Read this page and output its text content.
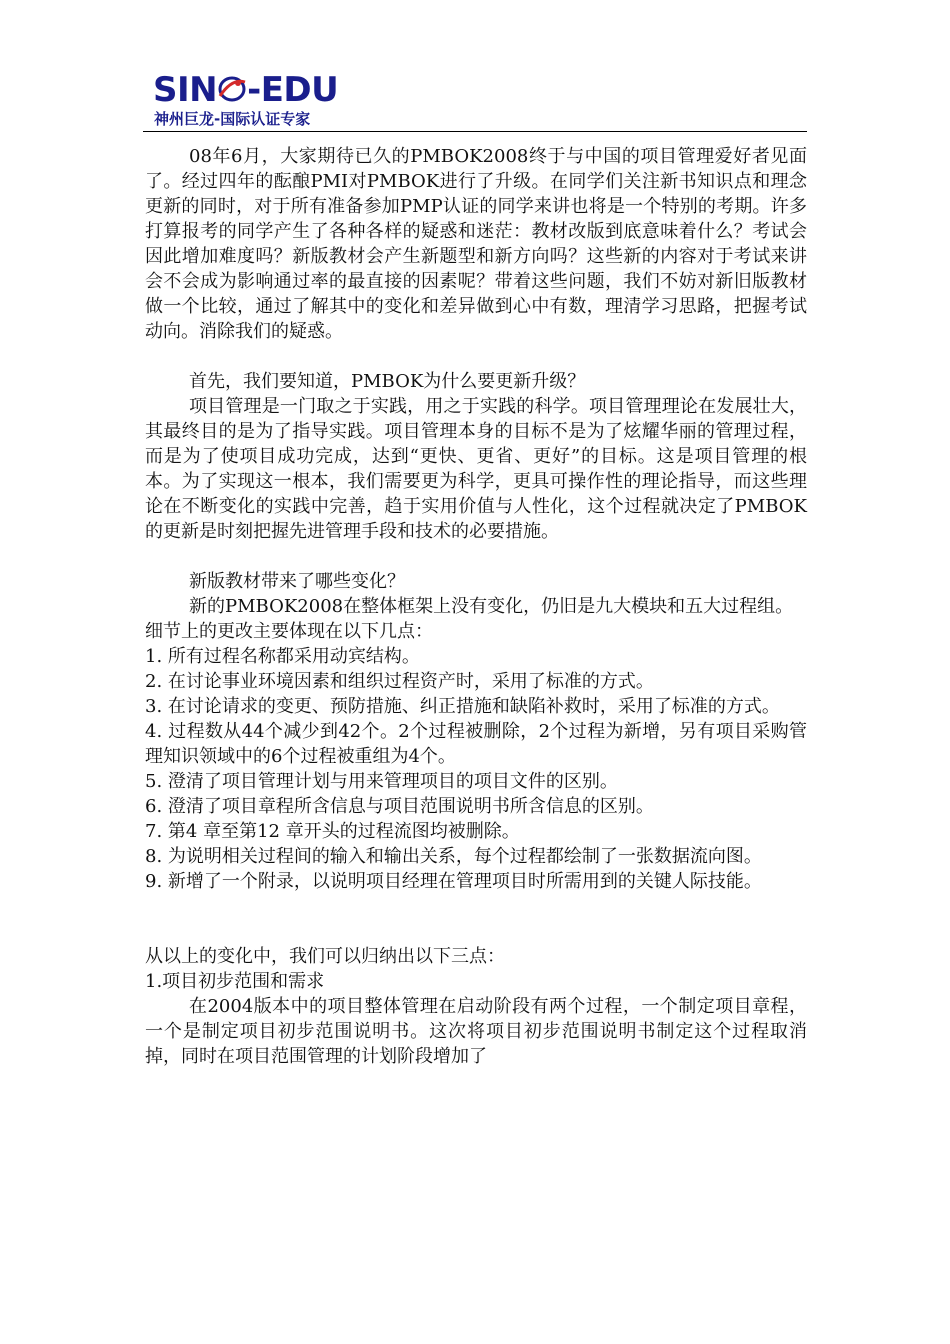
SIN -EDU
神州巨龙-国际认证专家

08年6月，大家期待已久的PMBOK2008终于与中国的项目管理爱好者见面了。经过四年的酝酿PMI对PMBOK进行了升级。在同学们关注新书知识点和理念更新的同时，对于所有准备参加PMP认证的同学来讲也将是一个特别的考期。许多打算报考的同学产生了各种各样的疑惑和迷茫：教材改版到底意味着什么？考试会因此增加难度吗？新版教材会产生新题型和新方向吗？这些新的内容对于考试来讲会不会成为影响通过率的最直接的因素呢？带着这些问题，我们不妨对新旧版教材做一个比较，通过了解其中的变化和差异做到心中有数，理清学习思路，把握考试动向。消除我们的疑惑。

首先，我们要知道，PMBOK为什么要更新升级？

项目管理是一门取之于实践，用之于实践的科学。项目管理理论在发展壮大，其最终目的是为了指导实践。项目管理本身的目标不是为了炫耀华丽的管理过程，而是为了使项目成功完成，达到“更快、更省、更好”的目标。这是项目管理的根本。为了实现这一根本，我们需要更为科学，更具可操作性的理论指导，而这些理论在不断变化的实践中完善，趋于实用价值与人性化，这个过程就决定了PMBOK的更新是时刻把握先进管理手段和技术的必要措施。

新版教材带来了哪些变化？

新的PMBOK2008在整体框架上没有变化，仍旧是九大模块和五大过程组。

细节上的更改主要体现在以下几点：

1. 所有过程名称都采用动宾结构。

2. 在讨论事业环境因素和组织过程资产时，采用了标准的方式。

3. 在讨论请求的变更、预防措施、纠正措施和缺陷补救时，采用了标准的方式。

4. 过程数从44个减少到42个。2个过程被删除，2个过程为新增，另有项目采购管理知识领域中的6个过程被重组为4个。

5. 澄清了项目管理计划与用来管理项目的项目文件的区别。

6. 澄清了项目章程所含信息与项目范围说明书所含信息的区别。

7. 第4 章至第12 章开头的过程流图均被删除。

8. 为说明相关过程间的输入和输出关系，每个过程都绘制了一张数据流向图。

9. 新增了一个附录，以说明项目经理在管理项目时所需用到的关键人际技能。

从以上的变化中，我们可以归纳出以下三点：

1.项目初步范围和需求

在2004版本中的项目整体管理在启动阶段有两个过程，一个制定项目章程，一个是制定项目初步范围说明书。这次将项目初步范围说明书制定这个过程取消掉，同时在项目范围管理的计划阶段增加了
